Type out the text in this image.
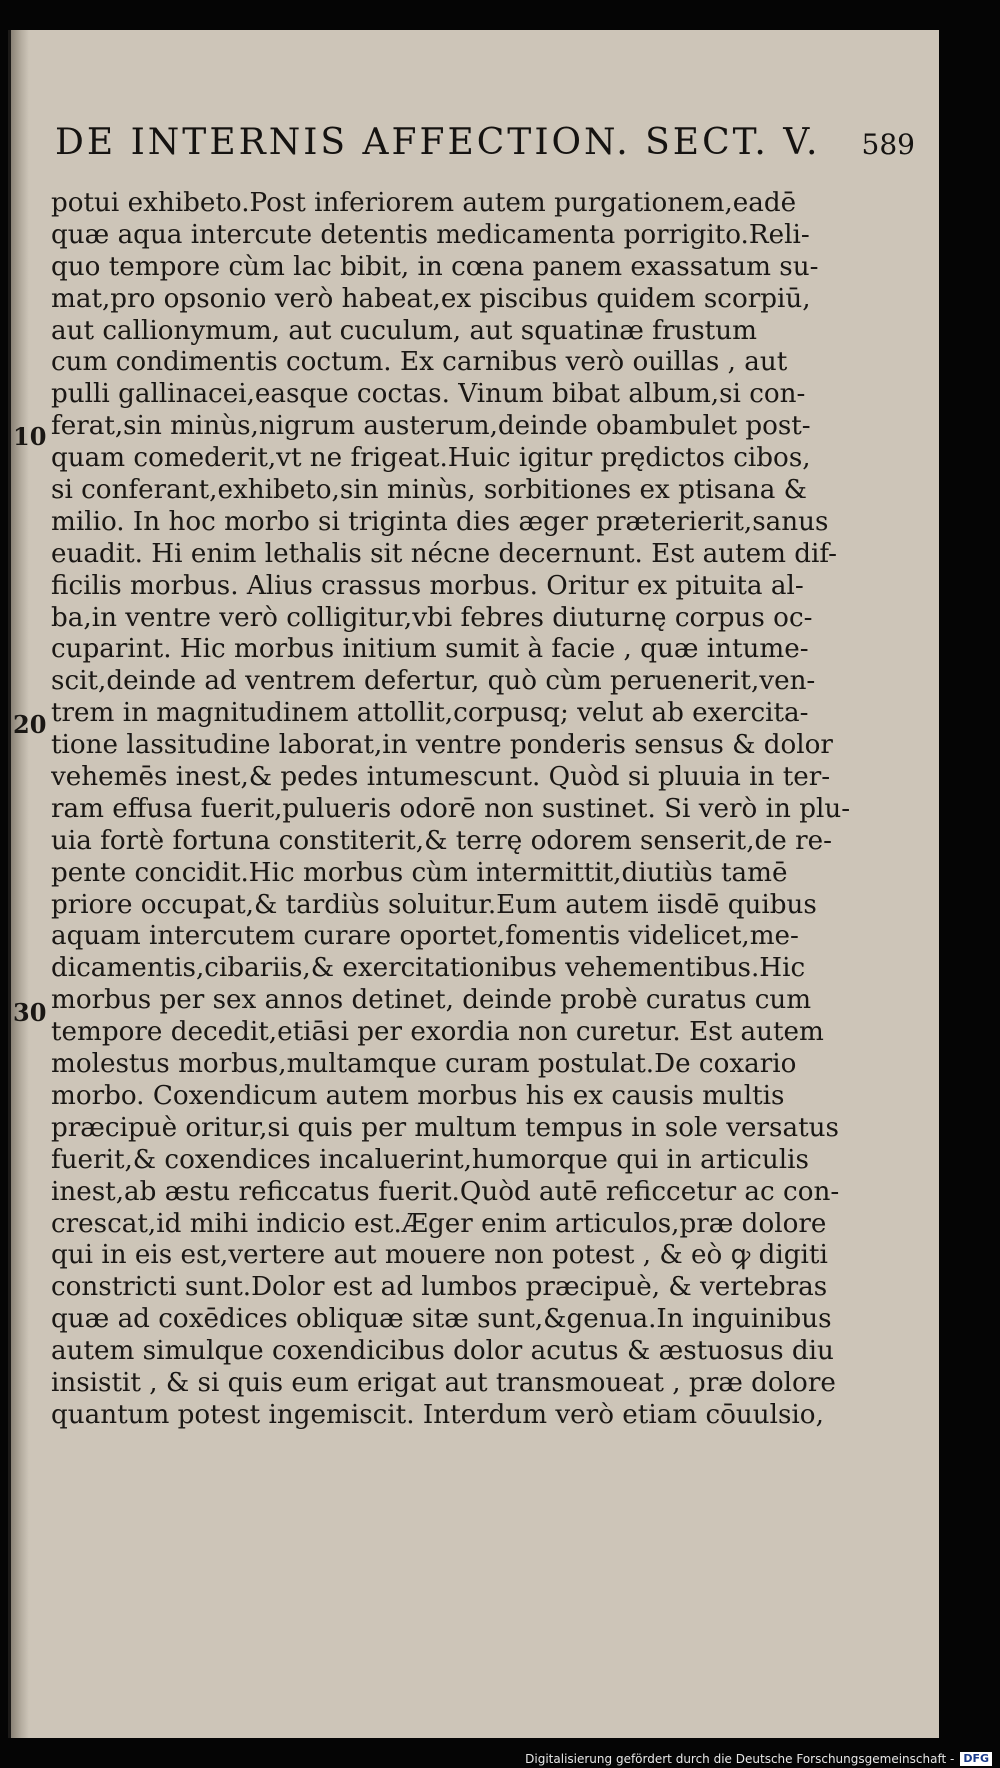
DE INTERNIS AFFECTION. SECT. V. 589
10
20
30
potui exhibeto.Post inferiorem autem purgationem,eadē
quæ aqua intercute detentis medicamenta porrigito.Reli-
quo tempore cùm lac bibit, in cœna panem exassatum su-
mat,pro opsonio verò habeat,ex piscibus quidem scorpiū,
aut callionymum, aut cuculum, aut squatinæ frustum
cum condimentis coctum. Ex carnibus verò ouillas , aut
pulli gallinacei,easque coctas. Vinum bibat album,si con-
ferat,sin minùs,nigrum austerum,deinde obambulet post-
quam comederit,vt ne frigeat.Huic igitur prędictos cibos,
si conferant,exhibeto,sin minùs, sorbitiones ex ptisana &
milio. In hoc morbo si triginta dies æger præterierit,sanus
euadit. Hi enim lethalis sit nécne decernunt. Est autem dif-
ficilis morbus. Alius crassus morbus. Oritur ex pituita al-
ba,in ventre verò colligitur,vbi febres diuturnę corpus oc-
cuparint. Hic morbus initium sumit à facie , quæ intume-
scit,deinde ad ventrem defertur, quò cùm peruenerit,ven-
trem in magnitudinem attollit,corpusq; velut ab exercita-
tione lassitudine laborat,in ventre ponderis sensus & dolor
vehemēs inest,& pedes intumescunt. Quòd si pluuia in ter-
ram effusa fuerit,pulueris odorē non sustinet. Si verò in plu-
uia fortè fortuna constiterit,& terrę odorem senserit,de re-
pente concidit.Hic morbus cùm intermittit,diutiùs tamē
priore occupat,& tardiùs soluitur.Eum autem iisdē quibus
aquam intercutem curare oportet,fomentis videlicet,me-
dicamentis,cibariis,& exercitationibus vehementibus.Hic
morbus per sex annos detinet, deinde probè curatus cum
tempore decedit,etiāsi per exordia non curetur. Est autem
molestus morbus,multamque curam postulat.De coxario
morbo. Coxendicum autem morbus his ex causis multis
præcipuè oritur,si quis per multum tempus in sole versatus
fuerit,& coxendices incaluerint,humorque qui in articulis
inest,ab æstu reficcatus fuerit.Quòd autē reficcetur ac con-
crescat,id mihi indicio est.Æger enim articulos,præ dolore
qui in eis est,vertere aut mouere non potest , & eò ꝙ digiti
constricti sunt.Dolor est ad lumbos præcipuè, & vertebras
quæ ad coxēdices obliquæ sitæ sunt,&genua.In inguinibus
autem simulque coxendicibus dolor acutus & æstuosus diu
insistit , & si quis eum erigat aut transmoueat , præ dolore
quantum potest ingemiscit. Interdum verò etiam cōuulsio,
Digitalisierung gefördert durch die Deutsche Forschungsgemeinschaft - DFG
